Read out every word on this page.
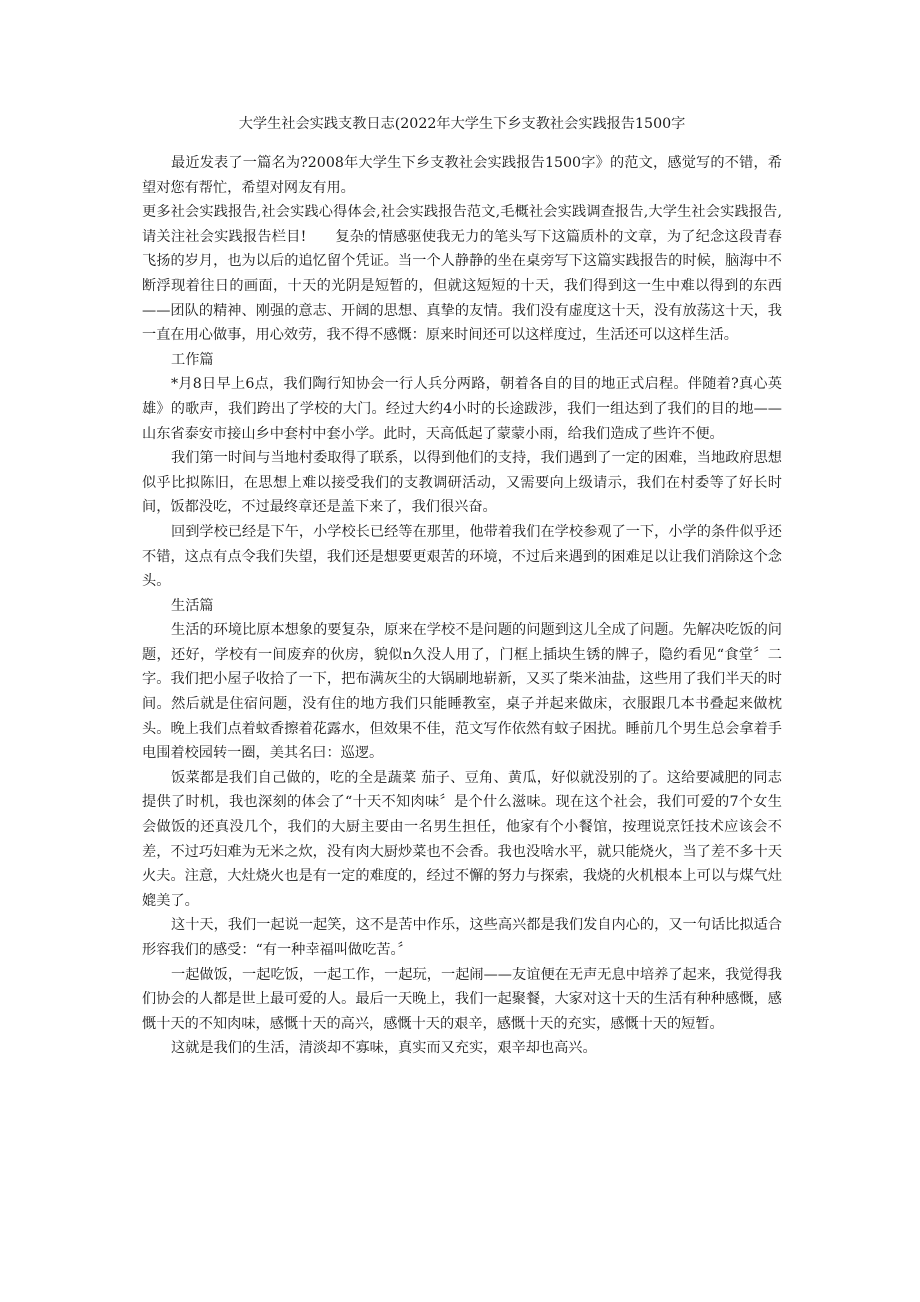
大学生社会实践支教日志(2022年大学生下乡支教社会实践报告1500字

最近发表了一篇名为?2008年大学生下乡支教社会实践报告1500字》的范文，感觉写的不错，希望对您有帮忙，希望对网友有用。

更多社会实践报告,社会实践心得体会,社会实践报告范文,毛概社会实践调查报告,大学生社会实践报告,请关注社会实践报告栏目!　　复杂的情感驱使我无力的笔头写下这篇质朴的文章，为了纪念这段青春飞扬的岁月，也为以后的追忆留个凭证。当一个人静静的坐在桌旁写下这篇实践报告的时候，脑海中不断浮现着往日的画面，十天的光阴是短暂的，但就这短短的十天，我们得到这一生中难以得到的东西——团队的精神、刚强的意志、开阔的思想、真挚的友情。我们没有虚度这十天，没有放荡这十天，我一直在用心做事，用心效劳，我不得不感慨：原来时间还可以这样度过，生活还可以这样生活。

工作篇

*月8日早上6点，我们陶行知协会一行人兵分两路，朝着各自的目的地正式启程。伴随着?真心英雄》的歌声，我们跨出了学校的大门。经过大约4小时的长途跋涉，我们一组达到了我们的目的地——山东省泰安市接山乡中套村中套小学。此时，天高低起了蒙蒙小雨，给我们造成了些许不便。

我们第一时间与当地村委取得了联系，以得到他们的支持，我们遇到了一定的困难，当地政府思想似乎比拟陈旧，在思想上难以接受我们的支教调研活动，又需要向上级请示，我们在村委等了好长时间，饭都没吃，不过最终章还是盖下来了，我们很兴奋。

回到学校已经是下午，小学校长已经等在那里，他带着我们在学校参观了一下，小学的条件似乎还不错，这点有点令我们失望，我们还是想要更艰苦的环境，不过后来遇到的困难足以让我们消除这个念头。

生活篇

生活的环境比原本想象的要复杂，原来在学校不是问题的问题到这儿全成了问题。先解决吃饭的问题，还好，学校有一间废弃的伙房，貌似n久没人用了，门框上插块生锈的牌子，隐约看见“食堂〞二字。我们把小屋子收拾了一下，把布满灰尘的大锅刷地崭新，又买了柴米油盐，这些用了我们半天的时间。然后就是住宿问题，没有住的地方我们只能睡教室，桌子并起来做床，衣服跟几本书叠起来做枕头。晚上我们点着蚊香擦着花露水，但效果不佳，范文写作依然有蚊子困扰。睡前几个男生总会拿着手电围着校园转一圈，美其名曰：巡逻。

饭菜都是我们自己做的，吃的全是蔬菜 茄子、豆角、黄瓜，好似就没别的了。这给要减肥的同志提供了时机，我也深刻的体会了“十天不知肉味〞是个什么滋味。现在这个社会，我们可爱的7个女生会做饭的还真没几个，我们的大厨主要由一名男生担任，他家有个小餐馆，按理说烹饪技术应该会不差，不过巧妇难为无米之炊，没有肉大厨炒菜也不会香。我也没啥水平，就只能烧火，当了差不多十天火夫。注意，大灶烧火也是有一定的难度的，经过不懈的努力与探索，我烧的火机根本上可以与煤气灶媲美了。

这十天，我们一起说一起笑，这不是苦中作乐，这些高兴都是我们发自内心的，又一句话比拟适合形容我们的感受：“有一种幸福叫做吃苦。〞

一起做饭，一起吃饭，一起工作，一起玩，一起闹——友谊便在无声无息中培养了起来，我觉得我们协会的人都是世上最可爱的人。最后一天晚上，我们一起聚餐，大家对这十天的生活有种种感慨，感慨十天的不知肉味，感慨十天的高兴，感慨十天的艰辛，感慨十天的充实，感慨十天的短暂。

这就是我们的生活，清淡却不寡味，真实而又充实，艰辛却也高兴。
